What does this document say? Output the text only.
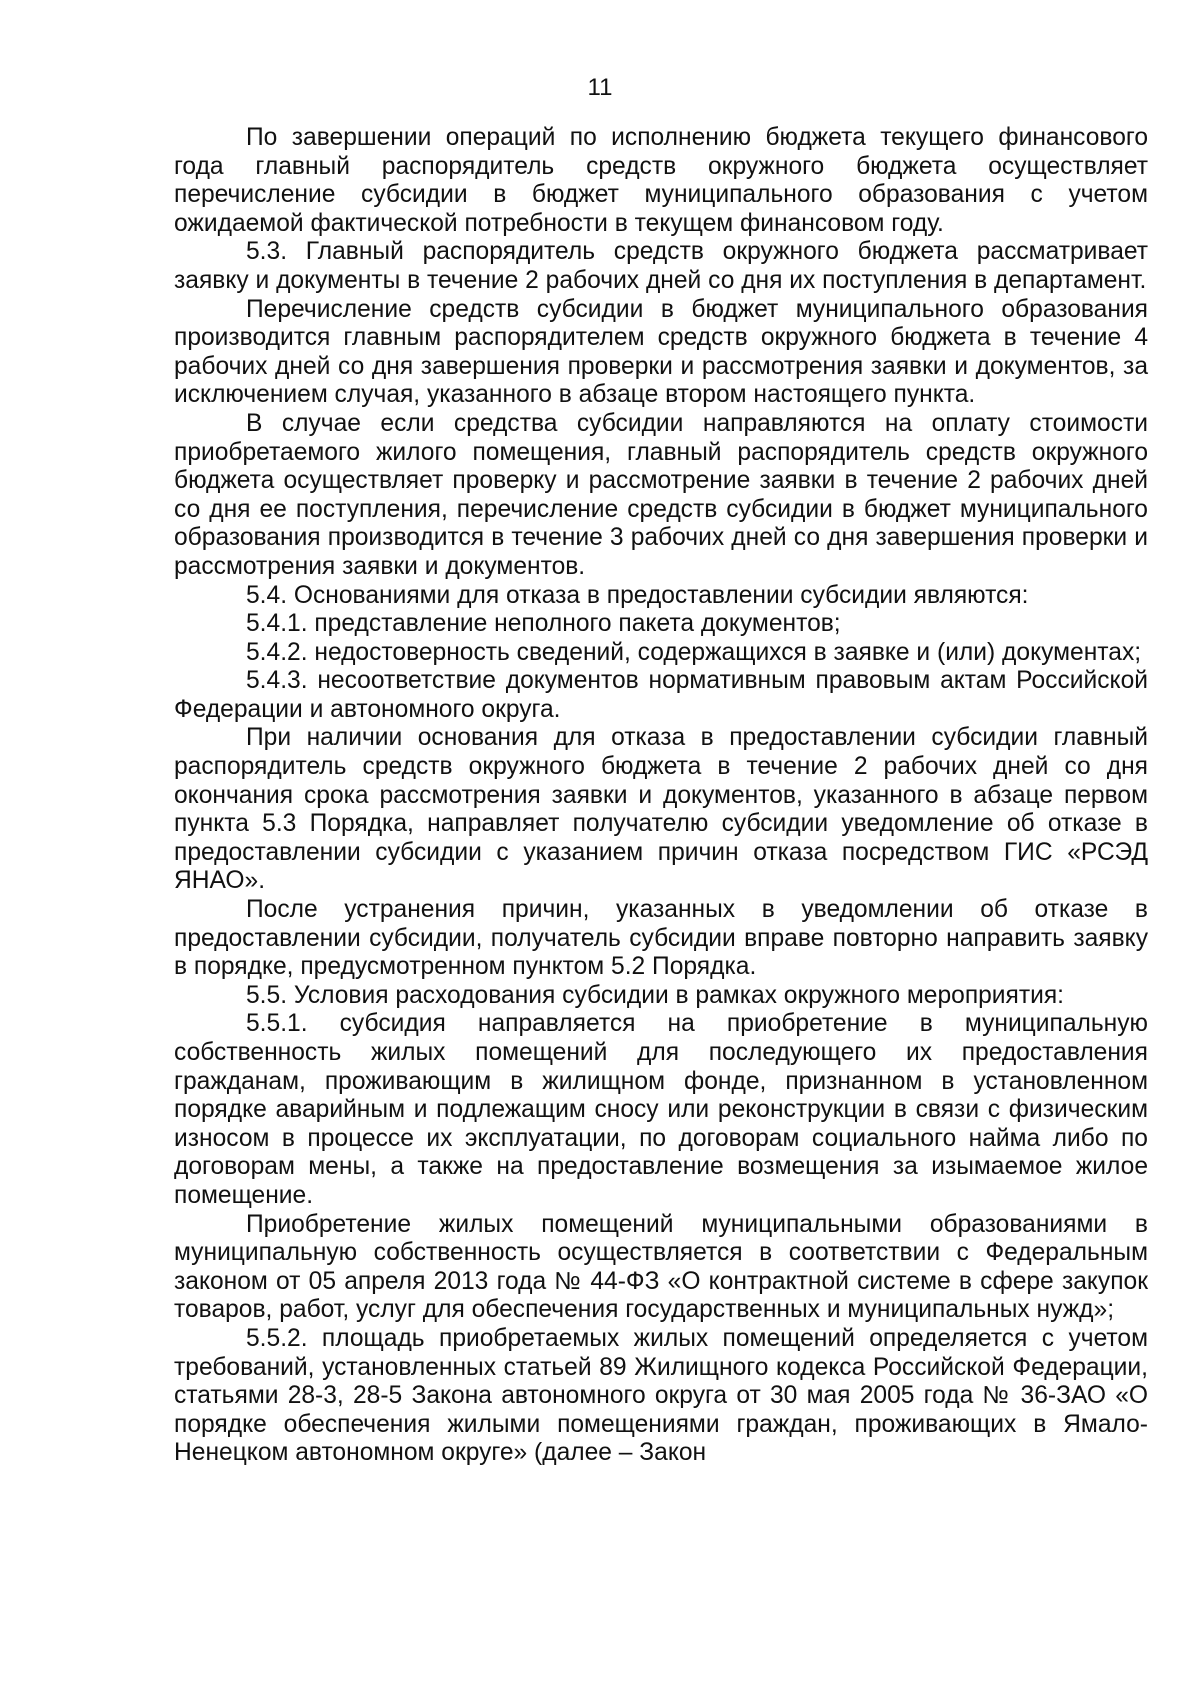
11

По завершении операций по исполнению бюджета текущего финансового года главный распорядитель средств окружного бюджета осуществляет перечисление субсидии в бюджет муниципального образования с учетом ожидаемой фактической потребности в текущем финансовом году.

5.3. Главный распорядитель средств окружного бюджета рассматривает заявку и документы в течение 2 рабочих дней со дня их поступления в департамент.

Перечисление средств субсидии в бюджет муниципального образования производится главным распорядителем средств окружного бюджета в течение 4 рабочих дней со дня завершения проверки и рассмотрения заявки и документов, за исключением случая, указанного в абзаце втором настоящего пункта.

В случае если средства субсидии направляются на оплату стоимости приобретаемого жилого помещения, главный распорядитель средств окружного бюджета осуществляет проверку и рассмотрение заявки в течение 2 рабочих дней со дня ее поступления, перечисление средств субсидии в бюджет муниципального образования производится в течение 3 рабочих дней со дня завершения проверки и рассмотрения заявки и документов.

5.4. Основаниями для отказа в предоставлении субсидии являются:

5.4.1. представление неполного пакета документов;

5.4.2. недостоверность сведений, содержащихся в заявке и (или) документах;

5.4.3. несоответствие документов нормативным правовым актам Российской Федерации и автономного округа.

При наличии основания для отказа в предоставлении субсидии главный распорядитель средств окружного бюджета в течение 2 рабочих дней со дня окончания срока рассмотрения заявки и документов, указанного в абзаце первом пункта 5.3 Порядка, направляет получателю субсидии уведомление об отказе в предоставлении субсидии с указанием причин отказа посредством ГИС «РСЭД ЯНАО».

После устранения причин, указанных в уведомлении об отказе в предоставлении субсидии, получатель субсидии вправе повторно направить заявку в порядке, предусмотренном пунктом 5.2 Порядка.

5.5. Условия расходования субсидии в рамках окружного мероприятия:

5.5.1. субсидия направляется на приобретение в муниципальную собственность жилых помещений для последующего их предоставления гражданам, проживающим в жилищном фонде, признанном в установленном порядке аварийным и подлежащим сносу или реконструкции в связи с физическим износом в процессе их эксплуатации, по договорам социального найма либо по договорам мены, а также на предоставление возмещения за изымаемое жилое помещение.

Приобретение жилых помещений муниципальными образованиями в муниципальную собственность осуществляется в соответствии с Федеральным законом от 05 апреля 2013 года № 44-ФЗ «О контрактной системе в сфере закупок товаров, работ, услуг для обеспечения государственных и муниципальных нужд»;

5.5.2. площадь приобретаемых жилых помещений определяется с учетом требований, установленных статьей 89 Жилищного кодекса Российской Федерации, статьями 28-3, 28-5 Закона автономного округа от 30 мая 2005 года № 36-ЗАО «О порядке обеспечения жилыми помещениями граждан, проживающих в Ямало-Ненецком автономном округе» (далее – Закон
